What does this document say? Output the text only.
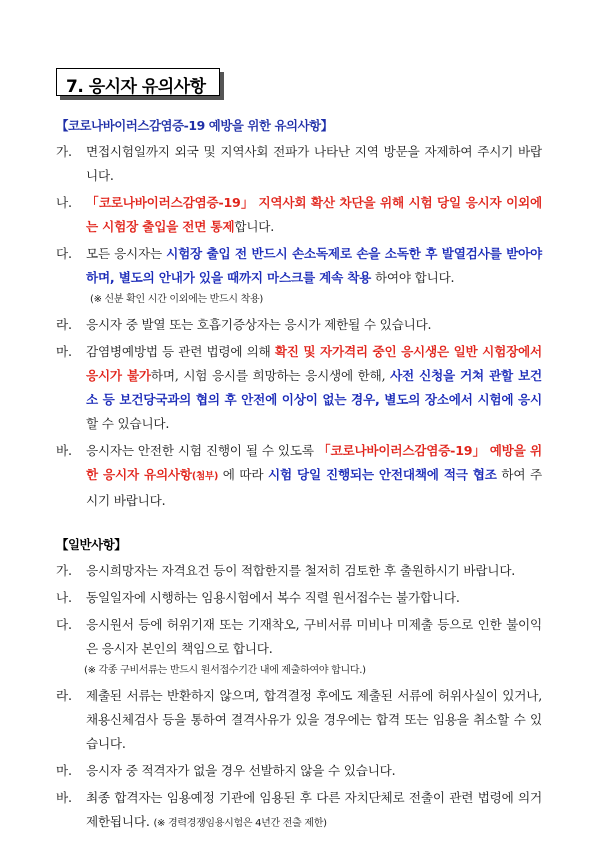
7. 응시자 유의사항
【코로나바이러스감염증-19 예방을 위한 유의사항】
가.	면접시험일까지 외국 및 지역사회 전파가 나타난 지역 방문을 자제하여 주시기 바랍니다.
나.	「코로나바이러스감염증-19」 지역사회 확산 차단을 위해 시험 당일 응시자 이외에는 시험장 출입을 전면 통제합니다.
다.	모든 응시자는 시험장 출입 전 반드시 손소독제로 손을 소독한 후 발열검사를 받아야 하며, 별도의 안내가 있을 때까지 마스크를 계속 착용 하여야 합니다.
(※ 신분 확인 시간 이외에는 반드시 착용)
라.	응시자 중 발열 또는 호흡기증상자는 응시가 제한될 수 있습니다.
마.	감염병예방법 등 관련 법령에 의해 확진 및 자가격리 중인 응시생은 일반 시험장에서 응시가 불가하며, 시험 응시를 희망하는 응시생에 한해, 사전 신청을 거쳐 관할 보건소 등 보건당국과의 협의 후 안전에 이상이 없는 경우, 별도의 장소에서 시험에 응시할 수 있습니다.
바.	응시자는 안전한 시험 진행이 될 수 있도록 「코로나바이러스감염증-19」 예방을 위한 응시자 유의사항(첨부) 에 따라 시험 당일 진행되는 안전대책에 적극 협조 하여 주시기 바랍니다.
【일반사항】
가.	응시희망자는 자격요건 등이 적합한지를 철저히 검토한 후 출원하시기 바랍니다.
나.	동일일자에 시행하는 임용시험에서 복수 직렬 원서접수는 불가합니다.
다.	응시원서 등에 허위기재 또는 기재착오, 구비서류 미비나 미제출 등으로 인한 불이익은 응시자 본인의 책임으로 합니다.
(※ 각종 구비서류는 반드시 원서접수기간 내에 제출하여야 합니다.)
라.	제출된 서류는 반환하지 않으며, 합격결정 후에도 제출된 서류에 허위사실이 있거나, 채용신체검사 등을 통하여 결격사유가 있을 경우에는 합격 또는 임용을 취소할 수 있습니다.
마.	응시자 중 적격자가 없을 경우 선발하지 않을 수 있습니다.
바.	최종 합격자는 임용예정 기관에 임용된 후 다른 자치단체로 전출이 관련 법령에 의거 제한됩니다. (※ 경력경쟁임용시험은 4년간 전출 제한)
